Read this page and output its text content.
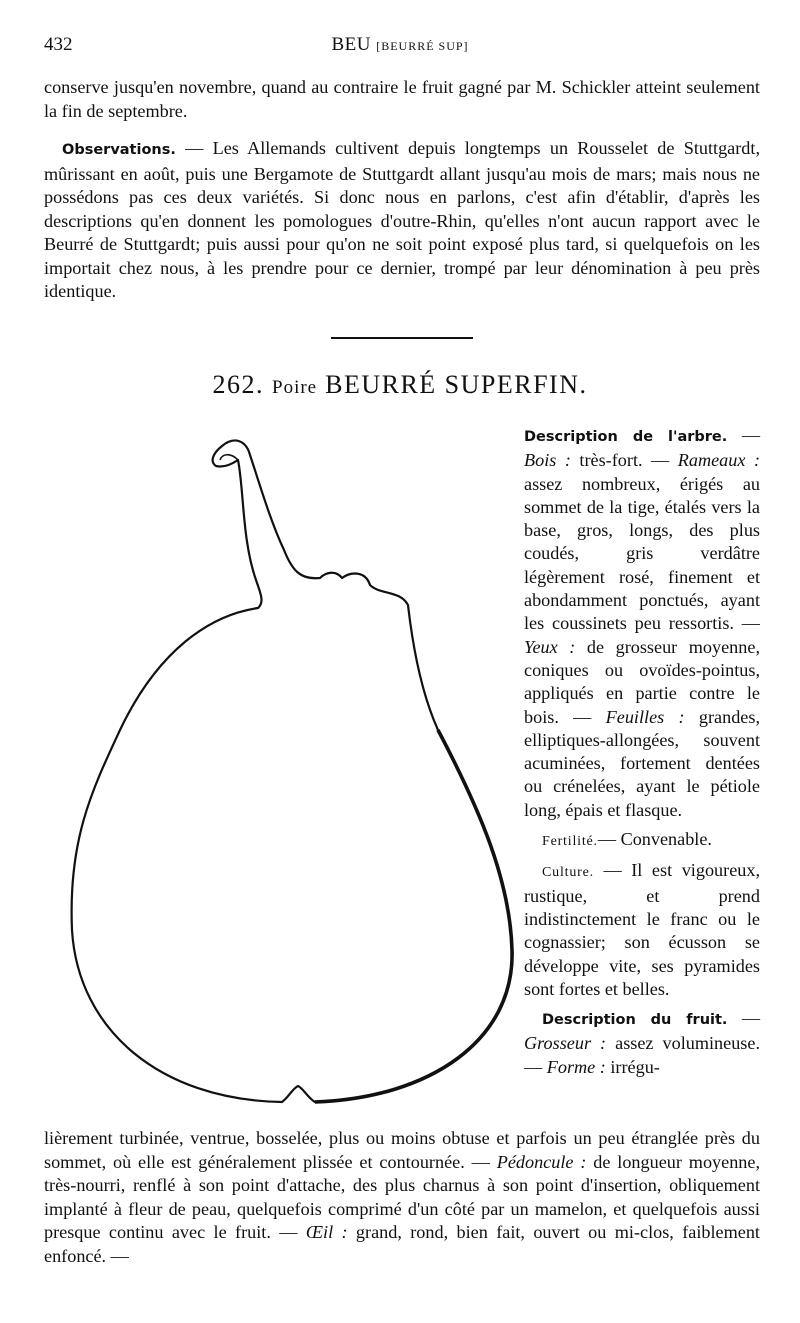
432	BEU [BEURRÉ SUP]

conserve jusqu'en novembre, quand au contraire le fruit gagné par M. Schickler atteint seulement la fin de septembre.

Observations. — Les Allemands cultivent depuis longtemps un Rousselet de Stuttgardt, mûrissant en août, puis une Bergamote de Stuttgardt allant jusqu'au mois de mars; mais nous ne possédons pas ces deux variétés. Si donc nous en parlons, c'est afin d'établir, d'après les descriptions qu'en donnent les pomologues d'outre-Rhin, qu'elles n'ont aucun rapport avec le Beurré de Stuttgardt; puis aussi pour qu'on ne soit point exposé plus tard, si quelquefois on les importait chez nous, à les prendre pour ce dernier, trompé par leur dénomination à peu près identique.

262. Poire BEURRÉ SUPERFIN.

Description de l'arbre. — Bois : très-fort. — Rameaux : assez nombreux, érigés au sommet de la tige, étalés vers la base, gros, longs, des plus coudés, gris verdâtre légèrement rosé, finement et abondamment ponctués, ayant les coussinets peu ressortis. — Yeux : de grosseur moyenne, coniques ou ovoïdes-pointus, appliqués en partie contre le bois. — Feuilles : grandes, elliptiques-allongées, souvent acuminées, fortement dentées ou crénelées, ayant le pétiole long, épais et flasque.

Fertilité.— Convenable.

Culture. — Il est vigoureux, rustique, et prend indistinctement le franc ou le cognassier; son écusson se développe vite, ses pyramides sont fortes et belles.

Description du fruit. — Grosseur : assez volumineuse. — Forme : irrégu-

lièrement turbinée, ventrue, bosselée, plus ou moins obtuse et parfois un peu étranglée près du sommet, où elle est généralement plissée et contournée. — Pédoncule : de longueur moyenne, très-nourri, renflé à son point d'attache, des plus charnus à son point d'insertion, obliquement implanté à fleur de peau, quelquefois comprimé d'un côté par un mamelon, et quelquefois aussi presque continu avec le fruit. — Œil : grand, rond, bien fait, ouvert ou mi-clos, faiblement enfoncé. —
